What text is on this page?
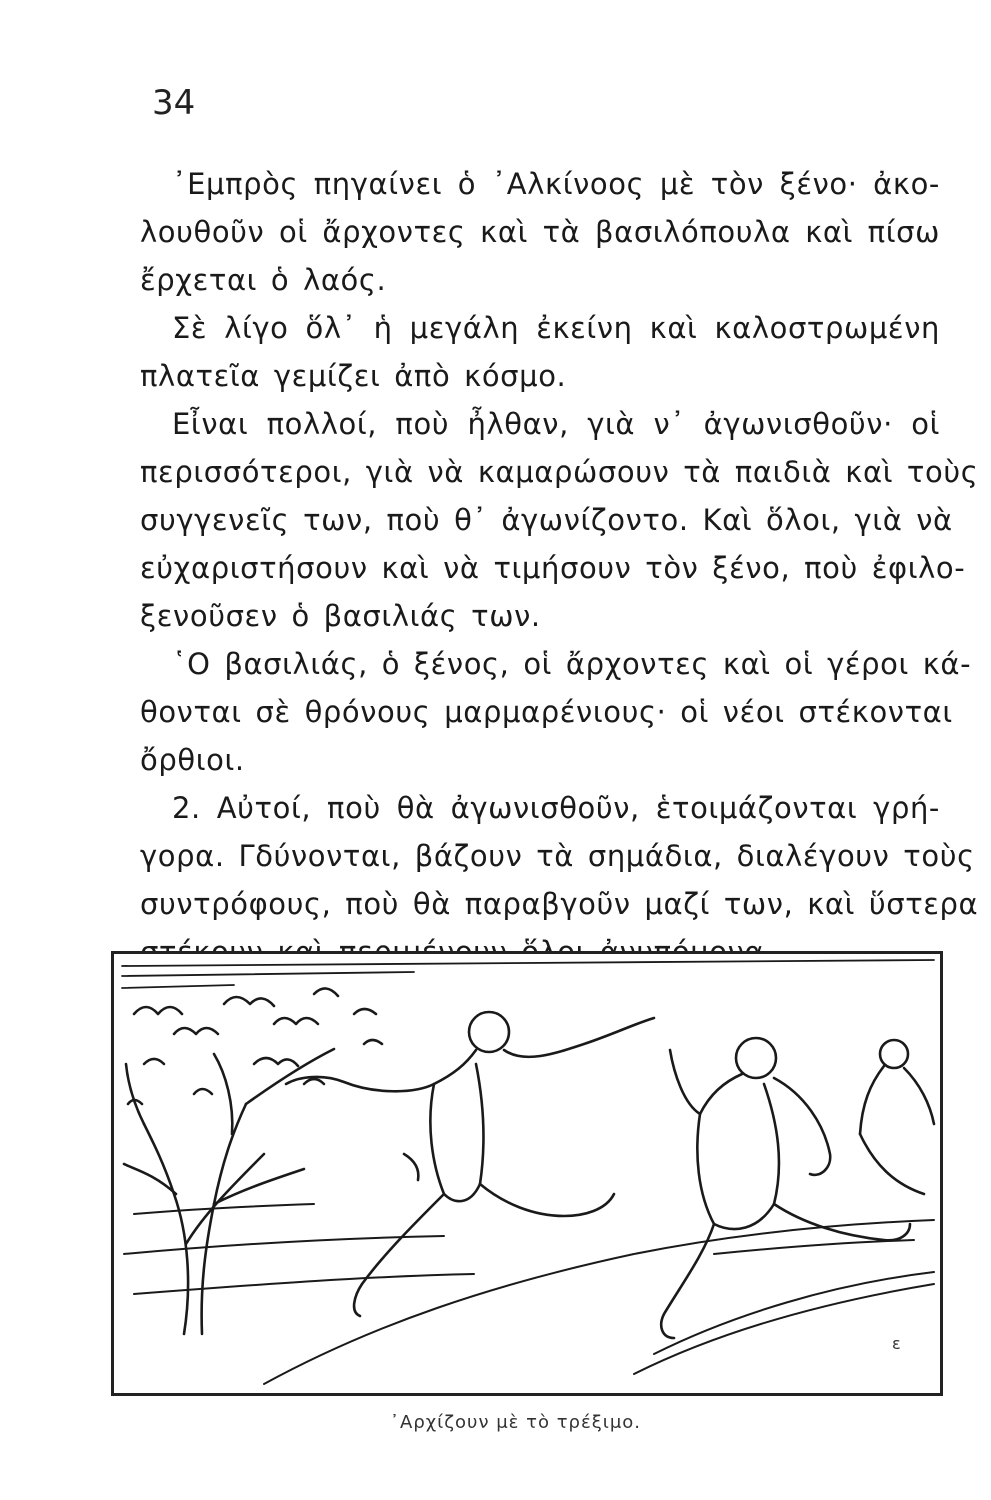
34
᾿Εμπρὸς πηγαίνει ὁ ᾿Αλκίνοος μὲ τὸν ξένο· ἀκο-
λουθοῦν οἱ ἄρχοντες καὶ τὰ βασιλόπουλα καὶ πίσω
ἔρχεται ὁ λαός.
Σὲ λίγο ὅλ᾿ ἡ μεγάλη ἐκείνη καὶ καλοστρωμένη
πλατεῖα γεμίζει ἀπὸ κόσμο.
Εἶναι πολλοί, ποὺ ἦλθαν, γιὰ ν᾿ ἀγωνισθοῦν· οἱ
περισσότεροι, γιὰ νὰ καμαρώσουν τὰ παιδιὰ καὶ τοὺς
συγγενεῖς των, ποὺ θ᾿ ἀγωνίζοντο. Καὶ ὅλοι, γιὰ νὰ
εὐχαριστήσουν καὶ νὰ τιμήσουν τὸν ξένο, ποὺ ἐφιλο-
ξενοῦσεν ὁ βασιλιάς των.
῾Ο βασιλιάς, ὁ ξένος, οἱ ἄρχοντες καὶ οἱ γέροι κά-
θονται σὲ θρόνους μαρμαρένιους· οἱ νέοι στέκονται
ὄρθιοι.
2. Αὐτοί, ποὺ θὰ ἀγωνισθοῦν, ἑτοιμάζονται γρή-
γορα. Γδύνονται, βάζουν τὰ σημάδια, διαλέγουν τοὺς
συντρόφους, ποὺ θὰ παραβγοῦν μαζί των, καὶ ὕστερα
ε
᾿Αρχίζουν μὲ τὸ τρέξιμο.
